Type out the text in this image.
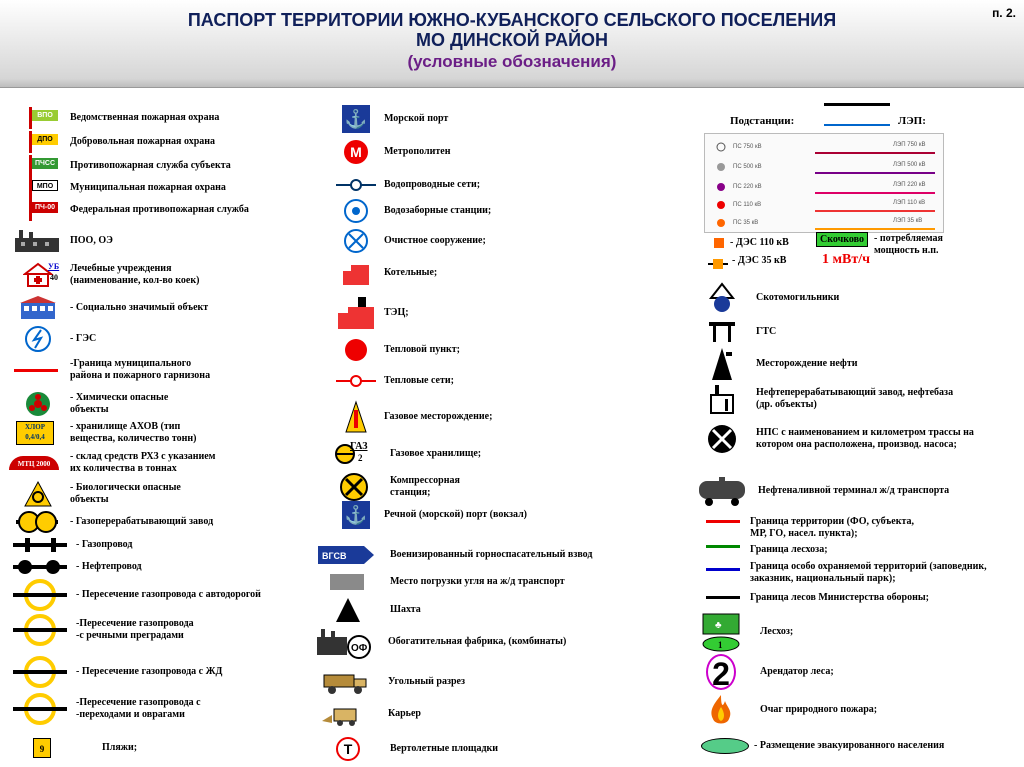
ПАСПОРТ ТЕРРИТОРИИ ЮЖНО-КУБАНСКОГО СЕЛЬСКОГО ПОСЕЛЕНИЯ
МО ДИНСКОЙ РАЙОН
(условные обозначения)
п. 2.
ВПО	Ведомственная пожарная охрана
ДПО	Добровольная пожарная охрана
ПЧСС Противопожарная служба субъекта
МПО	Муниципальная пожарная охрана
ПЧ-00 Федеральная противопожарная служба
ПОО, ОЭ
УБ
40
Лечебные учреждения
(наименование, кол-во коек)
- Социально значимый объект
- ГЭС
-Граница муниципального
района и пожарного гарнизона
- Химически опасные
объекты
ХЛОР
0,4/0,4
- хранилище АХОВ (тип
вещества, количество тонн)
МТЦ 2000
- склад средств РХЗ с указанием
их количества в тоннах
- Биологически опасные
объекты
- Газоперерабатывающий завод
- Газопровод
- Нефтепровод
- Пересечение газопровода с автодорогой
-Пересечение газопровода
-с речными преградами
- Пересечение газопровода с ЖД
-Пересечение газопровода с
-переходами и оврагами
9	Пляжи;
⚓ Морской порт
М	Метрополитен
Водопроводные сети;
Водозаборные станции;
Очистное сооружение;
Котельные;
ТЭЦ;
Тепловой пункт;
Тепловые сети;
Газовое месторождение;
ГАЗ
2	Газовое хранилище;
Компрессорная
станция;
⚓ Речной (морской) порт (вокзал)
ВГСВ	Военизированный горноспасательный взвод
Место погрузки угля на ж/д транспорт
Шахта
ОФ
Обогатительная фабрика, (комбинаты)
Угольный разрез
Карьер
Т	Вертолетные площадки
Подстанции:	ЛЭП:
ПС 750 кВ
ПС 500 кВ
ПС 220 кВ
ПС 110 кВ
ПС 35 кВ
ЛЭП 750 кВ
ЛЭП 500 кВ
ЛЭП 220 кВ
ЛЭП 110 кВ
ЛЭП 35 кВ
- ДЭС 110 кВ
- ДЭС 35 кВ
Скочково	- потребляемая
мощность н.п.
1 мВт/ч
Скотомогильники
ГТС
Месторождение нефти
Нефтеперерабатывающий завод, нефтебаза
(др. объекты)
НПС с наименованием и километром трассы на
котором она расположена, производ. насоса;
Нефтеналивной терминал ж/д транспорта
Граница территории (ФО, субъекта,
МР, ГО, насел. пункта);
Граница лесхоза;
Граница особо охраняемой территорий (заповедник,
заказник, национальный парк);
Граница лесов Министерства обороны;
♣
1
Лесхоз;
2	Арендатор леса;
Очаг природного пожара;
- Размещение эвакуированного населения
